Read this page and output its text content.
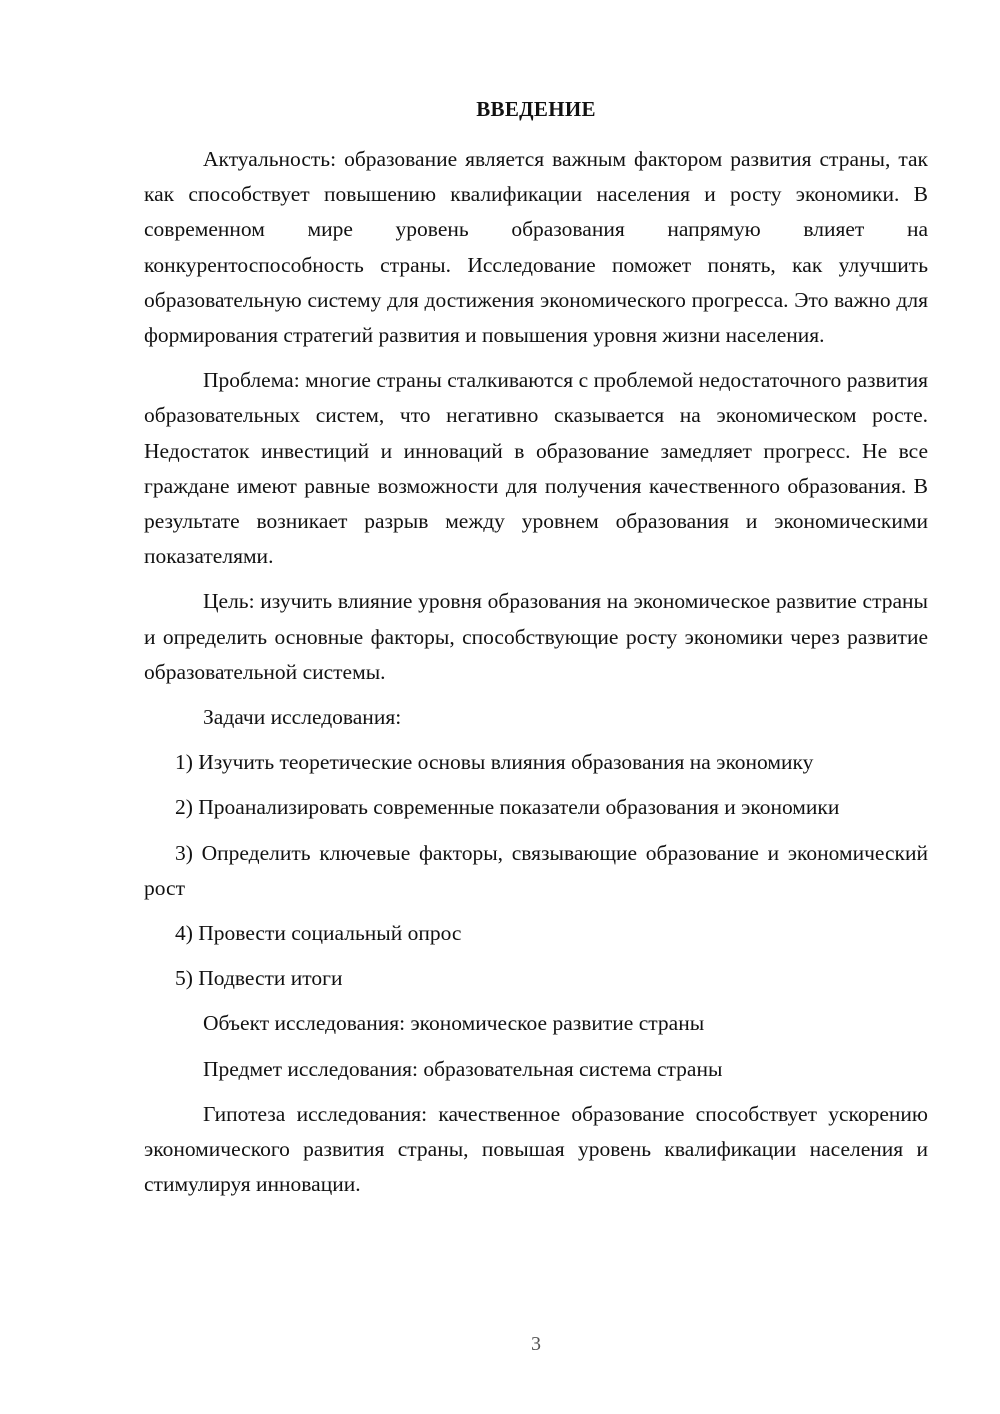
ВВЕДЕНИЕ

Актуальность: образование является важным фактором развития страны, так как способствует повышению квалификации населения и росту экономики. В современном мире уровень образования напрямую влияет на конкурентоспособность страны. Исследование поможет понять, как улучшить образовательную систему для достижения экономического прогресса. Это важно для формирования стратегий развития и повышения уровня жизни населения.

Проблема: многие страны сталкиваются с проблемой недостаточного развития образовательных систем, что негативно сказывается на экономическом росте. Недостаток инвестиций и инноваций в образование замедляет прогресс. Не все граждане имеют равные возможности для получения качественного образования. В результате возникает разрыв между уровнем образования и экономическими показателями.

Цель: изучить влияние уровня образования на экономическое развитие страны и определить основные факторы, способствующие росту экономики через развитие образовательной системы.

Задачи исследования:

1) Изучить теоретические основы влияния образования на экономику

2) Проанализировать современные показатели образования и экономики

3) Определить ключевые факторы, связывающие образование и экономический рост

4) Провести социальный опрос

5) Подвести итоги

Объект исследования: экономическое развитие страны

Предмет исследования: образовательная система страны

Гипотеза исследования: качественное образование способствует ускорению экономического развития страны, повышая уровень квалификации населения и стимулируя инновации.

3
